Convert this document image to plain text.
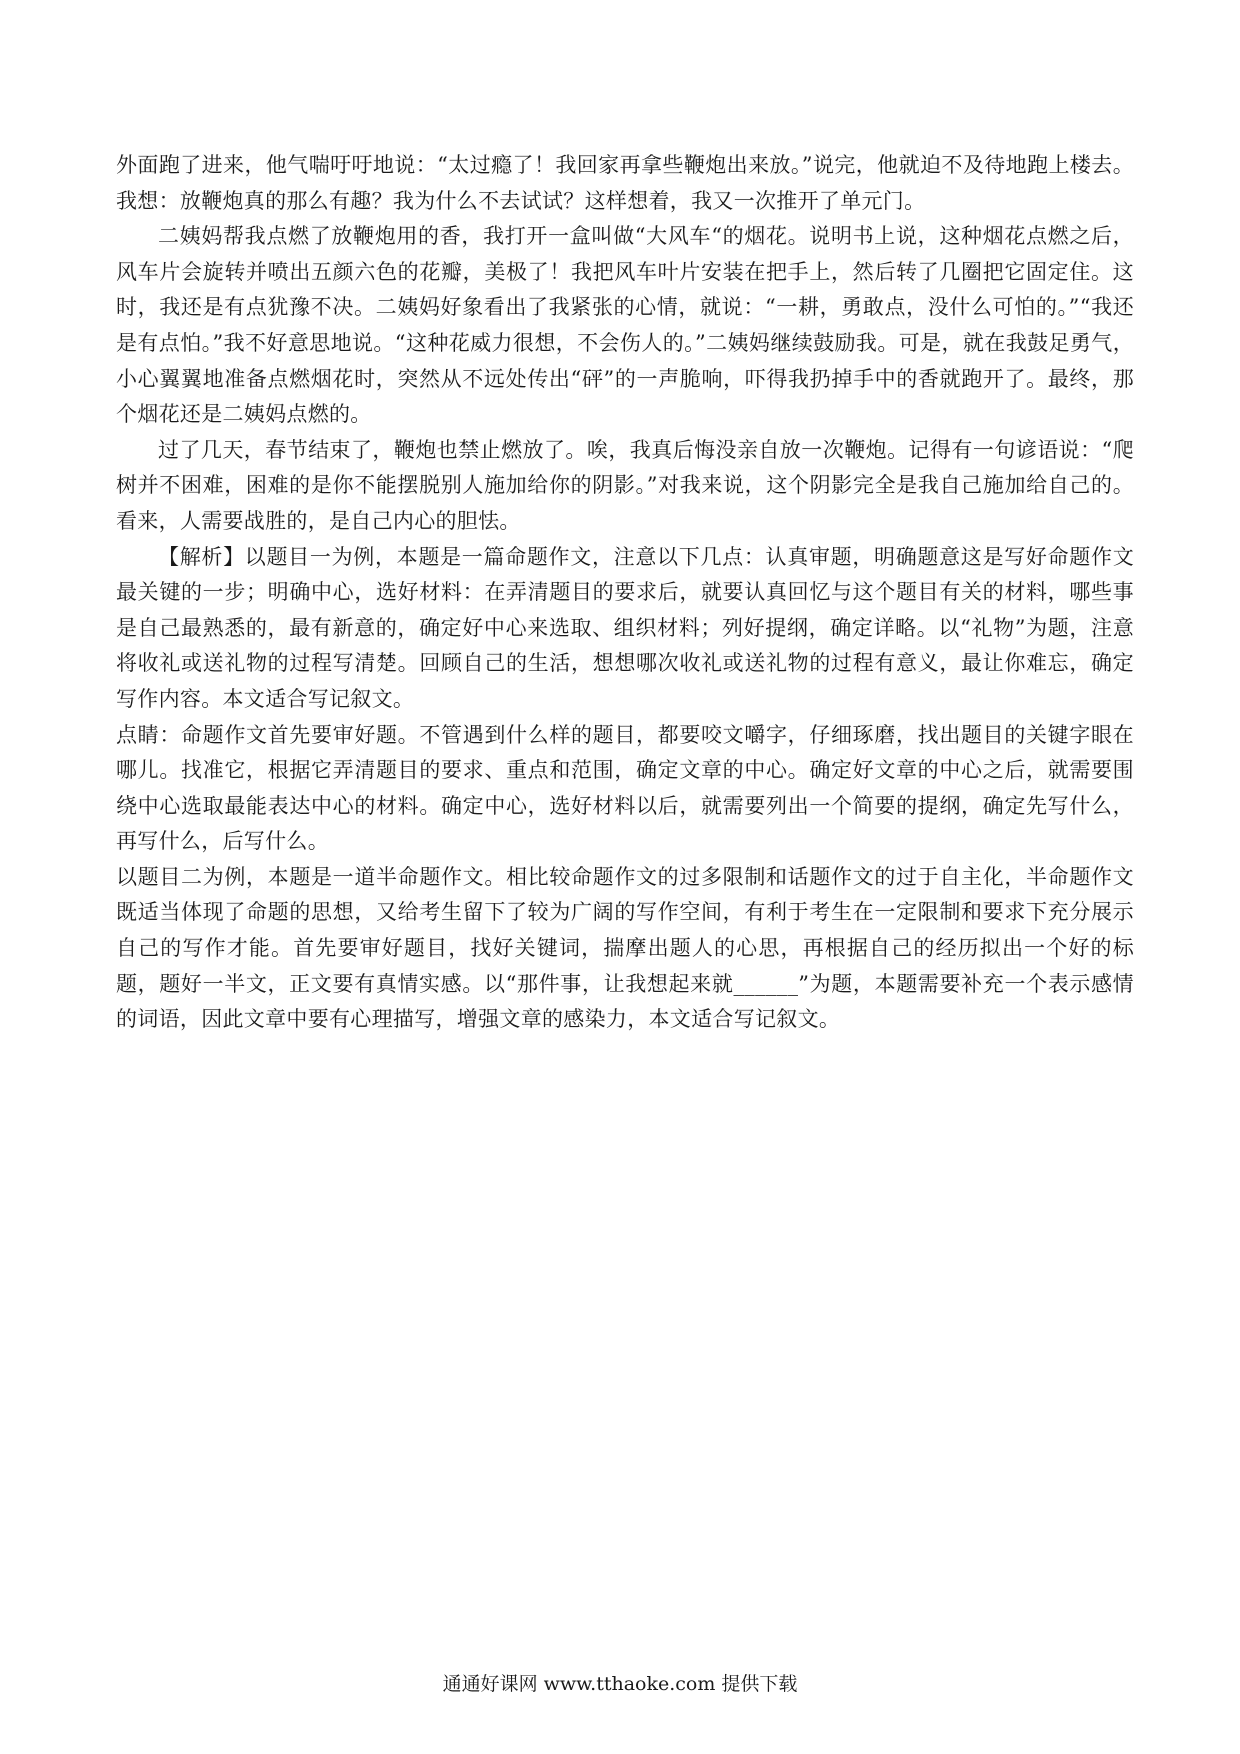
外面跑了进来，他气喘吁吁地说：“太过瘾了！我回家再拿些鞭炮出来放。”说完，他就迫不及待地跑上楼去。我想：放鞭炮真的那么有趣？我为什么不去试试？这样想着，我又一次推开了单元门。

二姨妈帮我点燃了放鞭炮用的香，我打开一盒叫做“大风车“的烟花。说明书上说，这种烟花点燃之后，风车片会旋转并喷出五颜六色的花瓣，美极了！我把风车叶片安装在把手上，然后转了几圈把它固定住。这时，我还是有点犹豫不决。二姨妈好象看出了我紧张的心情，就说：“一耕，勇敢点，没什么可怕的。”“我还是有点怕。”我不好意思地说。“这种花威力很想，不会伤人的。”二姨妈继续鼓励我。可是，就在我鼓足勇气，小心翼翼地准备点燃烟花时，突然从不远处传出“砰”的一声脆响，吓得我扔掉手中的香就跑开了。最终，那个烟花还是二姨妈点燃的。

过了几天，春节结束了，鞭炮也禁止燃放了。唉，我真后悔没亲自放一次鞭炮。记得有一句谚语说：“爬树并不困难，困难的是你不能摆脱别人施加给你的阴影。”对我来说，这个阴影完全是我自己施加给自己的。看来，人需要战胜的，是自己内心的胆怯。

【解析】以题目一为例，本题是一篇命题作文，注意以下几点：认真审题，明确题意这是写好命题作文最关键的一步；明确中心，选好材料：在弄清题目的要求后，就要认真回忆与这个题目有关的材料，哪些事是自己最熟悉的，最有新意的，确定好中心来选取、组织材料；列好提纲，确定详略。以“礼物”为题，注意将收礼或送礼物的过程写清楚。回顾自己的生活，想想哪次收礼或送礼物的过程有意义，最让你难忘，确定写作内容。本文适合写记叙文。

点睛：命题作文首先要审好题。不管遇到什么样的题目，都要咬文嚼字，仔细琢磨，找出题目的关键字眼在哪儿。找准它，根据它弄清题目的要求、重点和范围，确定文章的中心。确定好文章的中心之后，就需要围绕中心选取最能表达中心的材料。确定中心，选好材料以后，就需要列出一个简要的提纲，确定先写什么，再写什么，后写什么。

以题目二为例，本题是一道半命题作文。相比较命题作文的过多限制和话题作文的过于自主化，半命题作文既适当体现了命题的思想，又给考生留下了较为广阔的写作空间，有利于考生在一定限制和要求下充分展示自己的写作才能。首先要审好题目，找好关键词，揣摩出题人的心思，再根据自己的经历拟出一个好的标题，题好一半文，正文要有真情实感。以“那件事，让我想起来就______”为题，本题需要补充一个表示感情的词语，因此文章中要有心理描写，增强文章的感染力，本文适合写记叙文。

通通好课网 www.tthaoke.com 提供下载
